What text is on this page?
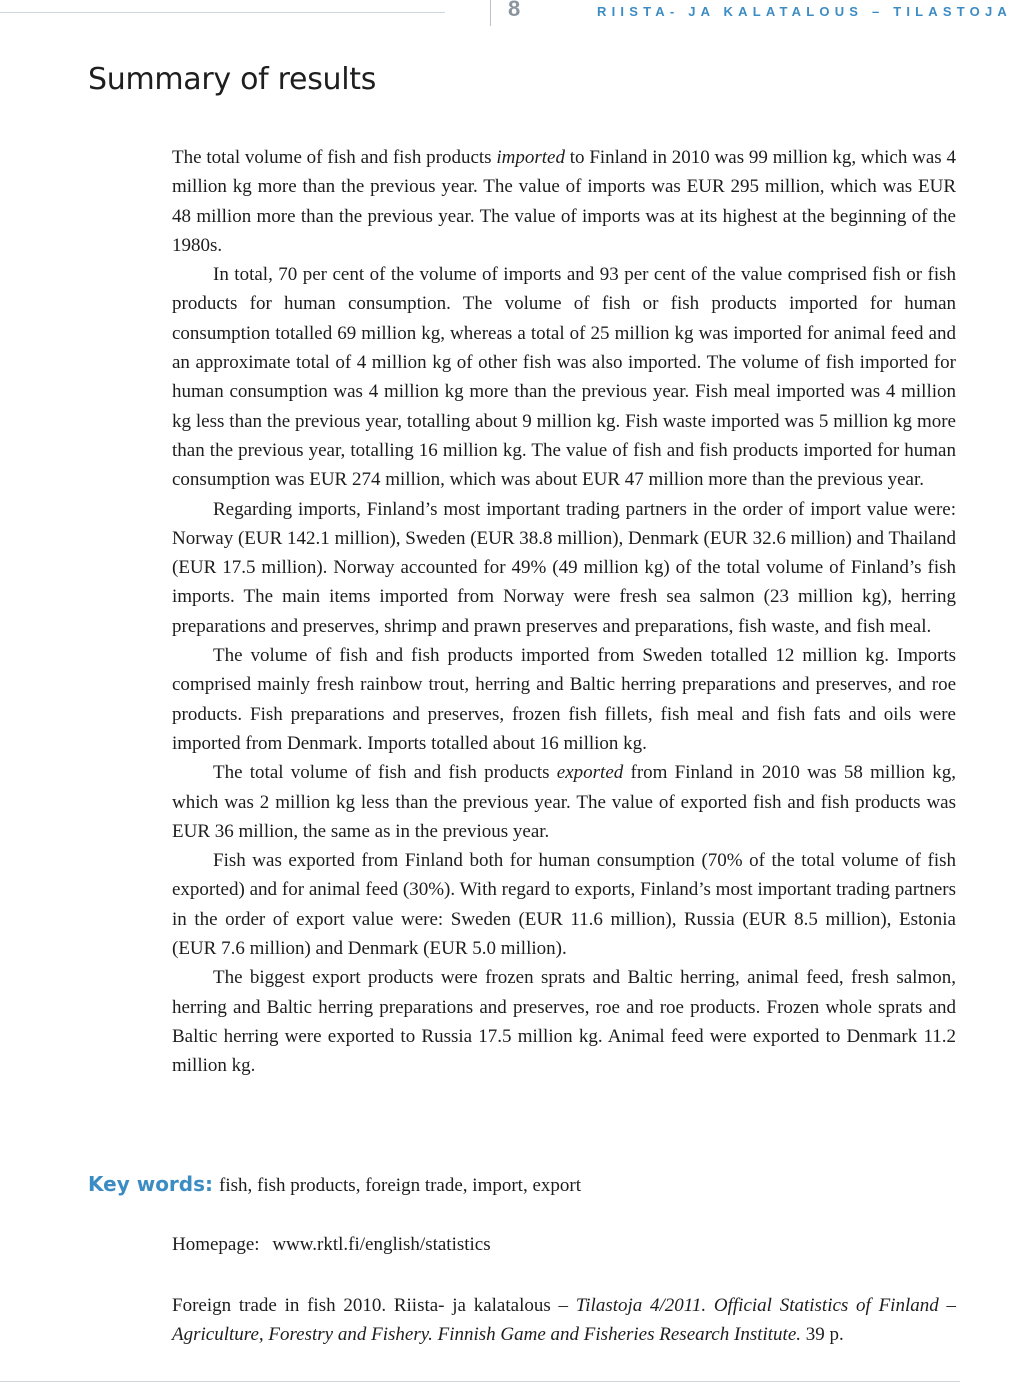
8	RIISTA- JA KALATALOUS – TILASTOJA
Summary of results

The total volume of fish and fish products imported to Finland in 2010 was 99 million kg, which was 4 million kg more than the previous year. The value of imports was EUR 295 million, which was EUR 48 million more than the previous year. The value of imports was at its highest at the beginning of the 1980s.

In total, 70 per cent of the volume of imports and 93 per cent of the value comprised fish or fish products for human consumption. The volume of fish or fish products imported for human consumption totalled 69 million kg, whereas a total of 25 million kg was imported for animal feed and an approximate total of 4 million kg of other fish was also imported. The volume of fish imported for human consumption was 4 million kg more than the previous year. Fish meal imported was 4 million kg less than the previous year, totalling about 9 million kg. Fish waste imported was 5 million kg more than the previous year, totalling 16 million kg. The value of fish and fish products imported for human consumption was EUR 274 million, which was about EUR 47 million more than the previous year.

Regarding imports, Finland’s most important trading partners in the order of import value were: Norway (EUR 142.1 million), Sweden (EUR 38.8 million), Denmark (EUR 32.6 million) and Thailand (EUR 17.5 million). Norway accounted for 49% (49 million kg) of the total volume of Finland’s fish imports. The main items imported from Norway were fresh sea salmon (23 million kg), herring preparations and preserves, shrimp and prawn preserves and preparations, fish waste, and fish meal.

The volume of fish and fish products imported from Sweden totalled 12 million kg. Imports comprised mainly fresh rainbow trout, herring and Baltic herring preparations and preserves, and roe products. Fish preparations and preserves, frozen fish fillets, fish meal and fish fats and oils were imported from Denmark. Imports totalled about 16 million kg.

The total volume of fish and fish products exported from Finland in 2010 was 58 million kg, which was 2 million kg less than the previous year. The value of exported fish and fish products was EUR 36 million, the same as in the previous year.

Fish was exported from Finland both for human consumption (70% of the total volume of fish exported) and for animal feed (30%). With regard to exports, Finland’s most important trading partners in the order of export value were: Sweden (EUR 11.6 million), Russia (EUR 8.5 million), Estonia (EUR 7.6 million) and Denmark (EUR 5.0 million).

The biggest export products were frozen sprats and Baltic herring, animal feed, fresh salmon, herring and Baltic herring preparations and preserves, roe and roe products. Frozen whole sprats and Baltic herring were exported to Russia 17.5 million kg. Animal feed were exported to Denmark 11.2 million kg.

Key words: fish, fish products, foreign trade, import, export
Homepage: www.rktl.fi/english/statistics
Foreign trade in fish 2010. Riista- ja kalatalous – Tilastoja 4/2011. Official Statistics of Finland – Agriculture, Forestry and Fishery. Finnish Game and Fisheries Research Institute. 39 p.
